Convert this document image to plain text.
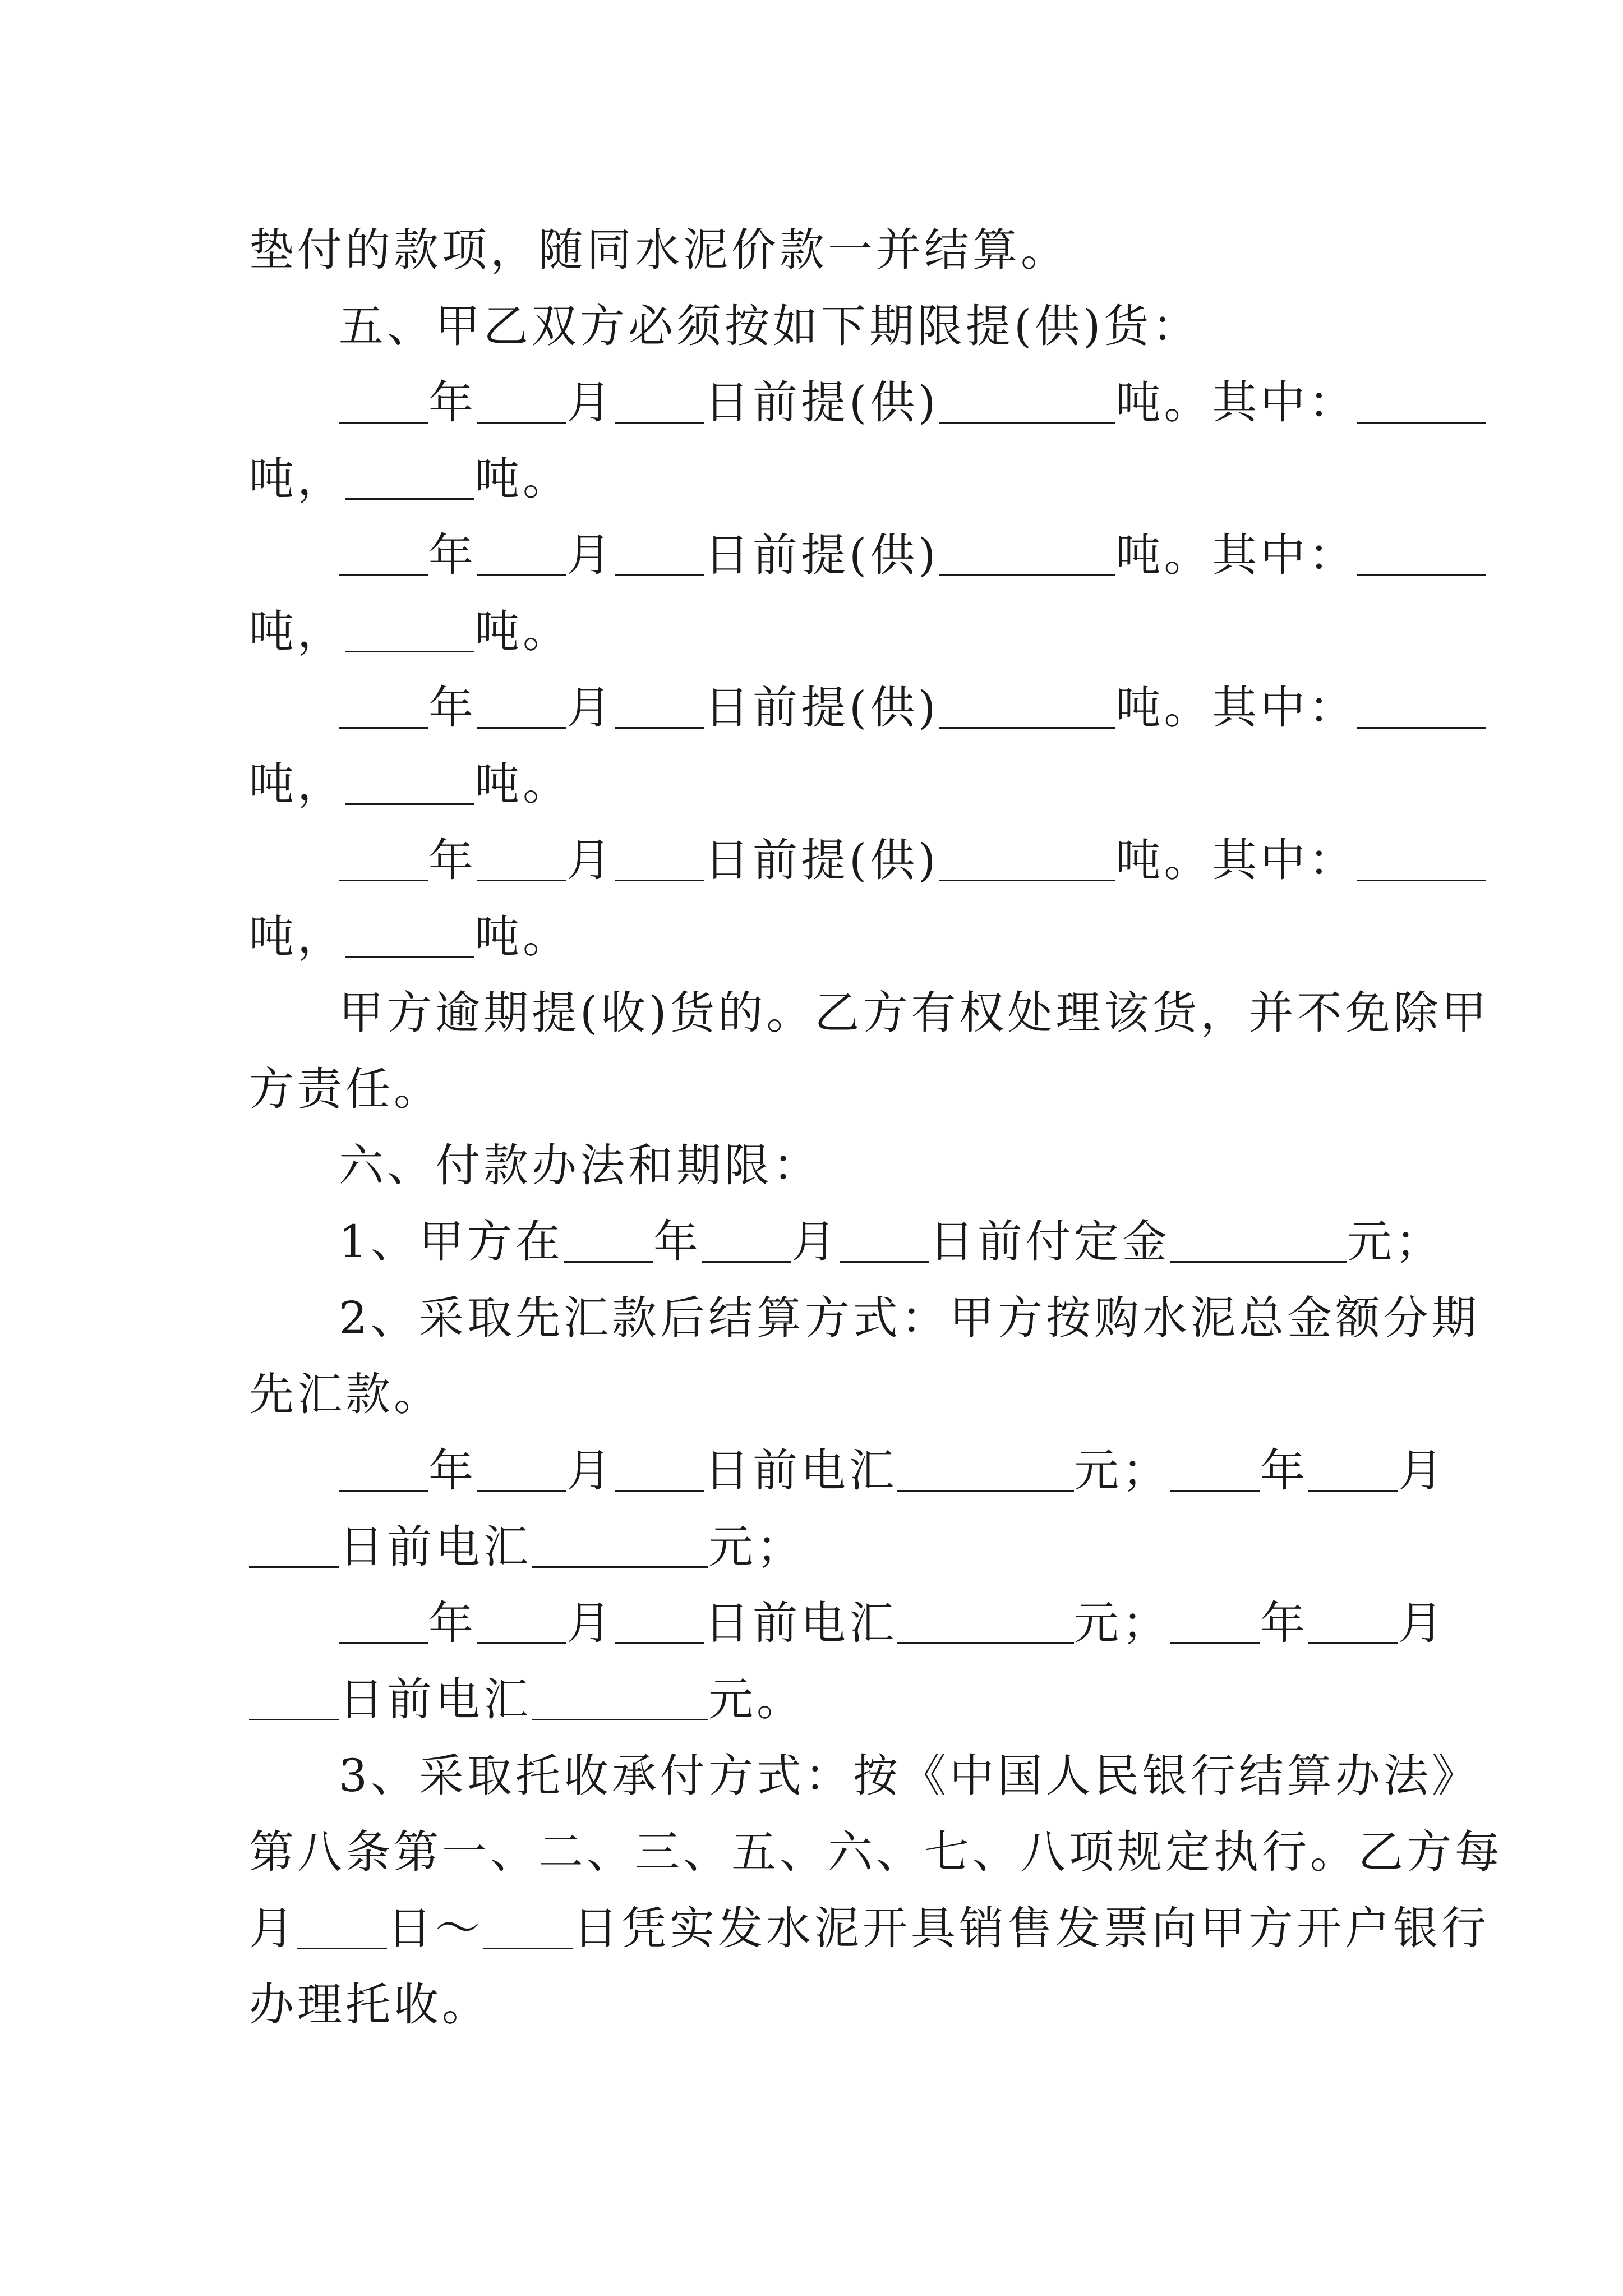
垫付的款项，随同水泥价款一并结算。
五、甲乙双方必须按如下期限提(供)货：
年 月 日前提(供)	吨。其中：
吨，	吨。
年 月 日前提(供)	吨。其中：
吨，	吨。
年 月 日前提(供)	吨。其中：
吨，	吨。
年 月 日前提(供)	吨。其中：
吨，	吨。
甲方逾期提(收)货的。乙方有权处理该货，并不免除甲
方责任。
六、付款办法和期限：
1、甲方在 年 月 日前付定金	元；
2、采取先汇款后结算方式：甲方按购水泥总金额分期
先汇款。
年 月 日前电汇	元； 年 月
日前电汇	元；
年 月 日前电汇	元； 年 月
日前电汇	元。
3、采取托收承付方式：按《中国人民银行结算办法》
第八条第一、二、三、五、六、七、八项规定执行。乙方每
月 日～ 日凭实发水泥开具销售发票向甲方开户银行
办理托收。
